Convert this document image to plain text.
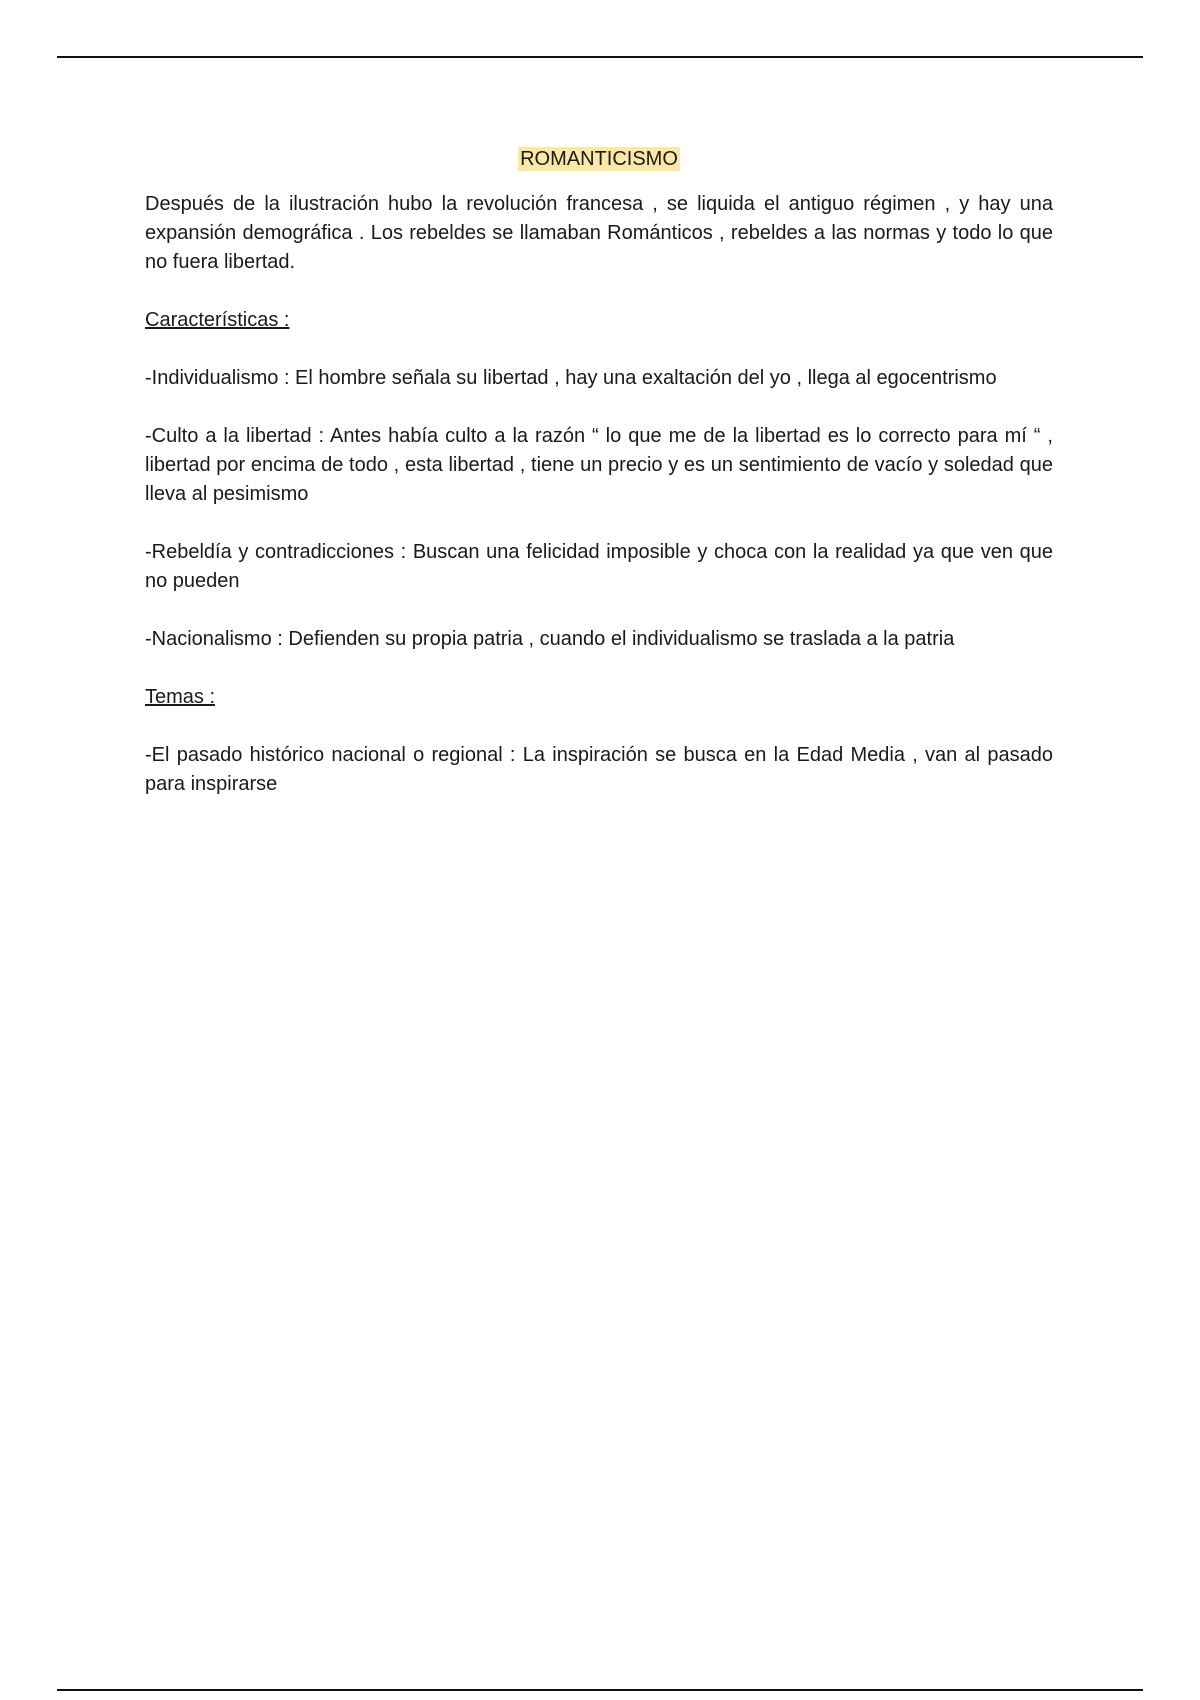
ROMANTICISMO

Después de la ilustración hubo la revolución francesa , se liquida el antiguo régimen , y hay una expansión demográfica . Los rebeldes se llamaban Románticos , rebeldes a las normas y todo lo que no fuera libertad.

Características :

-Individualismo : El hombre señala su libertad , hay una exaltación del yo , llega al egocentrismo

-Culto a la libertad : Antes había culto a la razón “ lo que me de la libertad es lo correcto para mí “ , libertad por encima de todo , esta libertad , tiene un precio y es un sentimiento de vacío y soledad que lleva al pesimismo

-Rebeldía y contradicciones : Buscan una felicidad imposible y choca con la realidad ya que ven que no pueden

-Nacionalismo : Defienden su propia patria , cuando el individualismo se traslada a la patria

Temas :

-El pasado histórico nacional o regional : La inspiración se busca en la Edad Media , van al pasado para inspirarse
